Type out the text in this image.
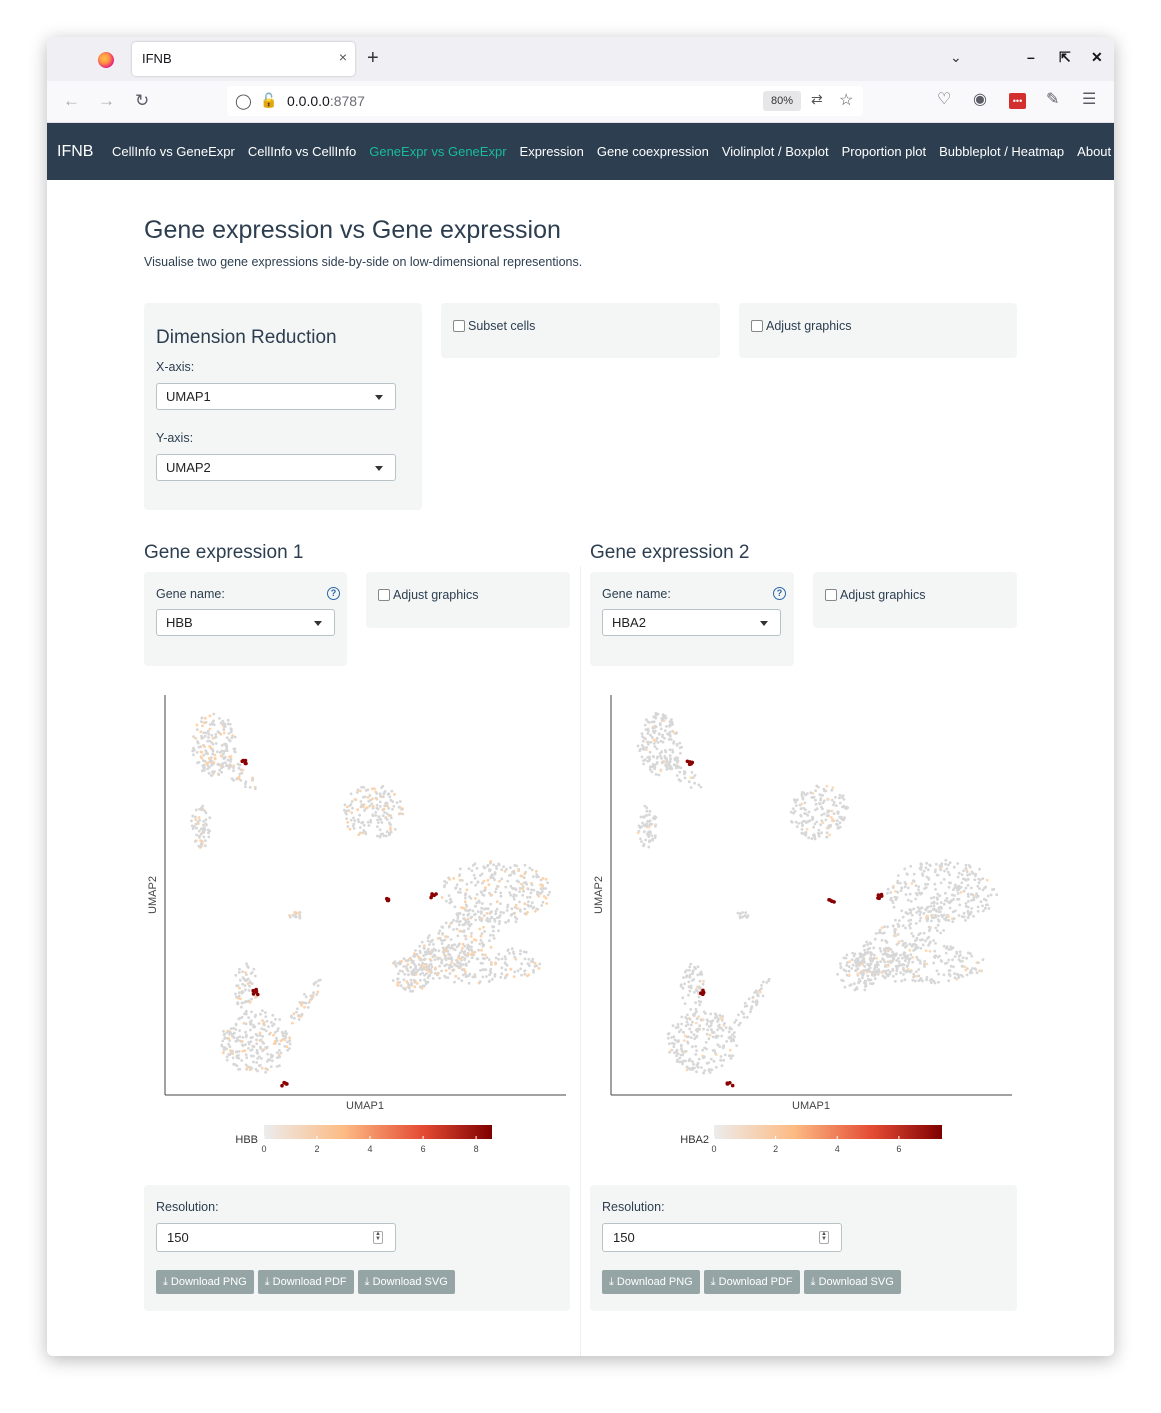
IFNB	× +	⌄	– ⇱ ✕
← → ↻	◯ 🔓 0.0.0.0:8787	80%	⇄ ☆	♡ ◉	••• ✎ ☰
IFNB CellInfo vs GeneExpr CellInfo vs CellInfo GeneExpr vs GeneExpr Expression Gene coexpression Violinplot / Boxplot Proportion plot Bubbleplot / Heatmap About
Gene expression vs Gene expression

Visualise two gene expressions side-by-side on low-dimensional representions.

Dimension Reduction
X-axis:
UMAP1
Y-axis:
UMAP2
Subset cells	Adjust graphics
Gene expression 1
Gene name:	?
HBB
Adjust graphics
UMAP1
UMAP2
HBB
0	2	4	6	8
Resolution:
150	▲
▼
⤓ Download PNG	⤓ Download PDF	⤓ Download SVG
Gene expression 2
Gene name:	?
HBA2
Adjust graphics
UMAP1
UMAP2
HBA2
0	2	4	6
Resolution:
150	▲
▼
⤓ Download PNG	⤓ Download PDF	⤓ Download SVG
